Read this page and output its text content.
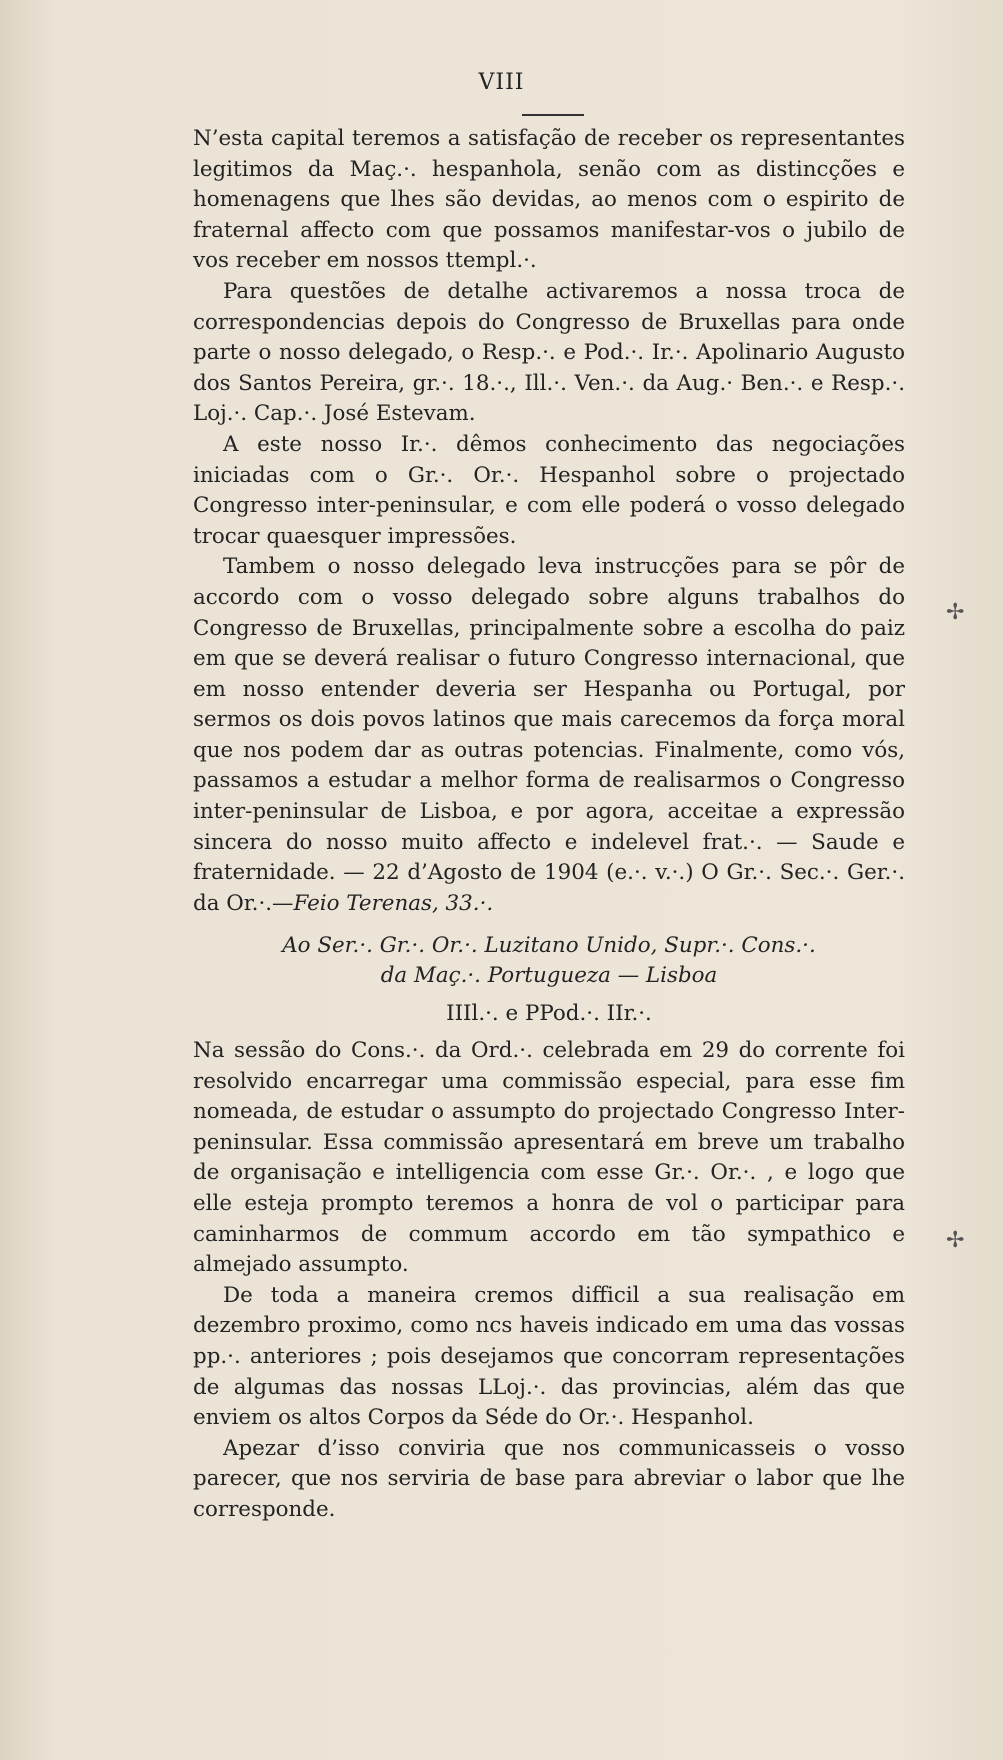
VIII

N’esta capital teremos a satisfação de receber os representantes legitimos da Maç.·. hespanhola, senão com as distincções e homenagens que lhes são devidas, ao menos com o espirito de fraternal affecto com que possamos manifestar-vos o jubilo de vos receber em nossos ttempl.·.

Para questões de detalhe activaremos a nossa troca de correspondencias depois do Congresso de Bruxellas para onde parte o nosso delegado, o Resp.·. e Pod.·. Ir.·. Apolinario Augusto dos Santos Pereira, gr.·. 18.·., Ill.·. Ven.·. da Aug.· Ben.·. e Resp.·. Loj.·. Cap.·. José Estevam.

A este nosso Ir.·. dêmos conhecimento das negociações iniciadas com o Gr.·. Or.·. Hespanhol sobre o projectado Congresso inter-peninsular, e com elle poderá o vosso delegado trocar quaesquer impressões.

Tambem o nosso delegado leva instrucções para se pôr de accordo com o vosso delegado sobre alguns trabalhos do Congresso de Bruxellas, principalmente sobre a escolha do paiz em que se deverá realisar o futuro Congresso internacional, que em nosso entender deveria ser Hespanha ou Portugal, por sermos os dois povos latinos que mais carecemos da força moral que nos podem dar as outras potencias. Finalmente, como vós, passamos a estudar a melhor forma de realisarmos o Congresso inter-peninsular de Lisboa, e por agora, acceitae a expressão sincera do nosso muito affecto e indelevel frat.·. — Saude e fraternidade. — 22 d’Agosto de 1904 (e.·. v.·.) O Gr.·. Sec.·. Ger.·. da Or.·.—Feio Terenas, 33.·.

Ao Ser.·. Gr.·. Or.·. Luzitano Unido, Supr.·. Cons.·.
da Maç.·. Portugueza — Lisboa
IIIl.·. e PPod.·. IIr.·.

Na sessão do Cons.·. da Ord.·. celebrada em 29 do corrente foi resolvido encarregar uma commissão especial, para esse fim nomeada, de estudar o assumpto do projectado Congresso Inter-peninsular. Essa commissão apresentará em breve um trabalho de organisação e intelligencia com esse Gr.·. Or.·. , e logo que elle esteja prompto teremos a honra de vol o participar para caminharmos de commum accordo em tão sympathico e almejado assumpto.

De toda a maneira cremos difficil a sua realisação em dezembro proximo, como ncs haveis indicado em uma das vossas pp.·. anteriores ; pois desejamos que concorram representações de algumas das nossas LLoj.·. das provincias, além das que enviem os altos Corpos da Séde do Or.·. Hespanhol.

Apezar d’isso conviria que nos communicasseis o vosso parecer, que nos serviria de base para abreviar o labor que lhe corresponde.

✢
✢
